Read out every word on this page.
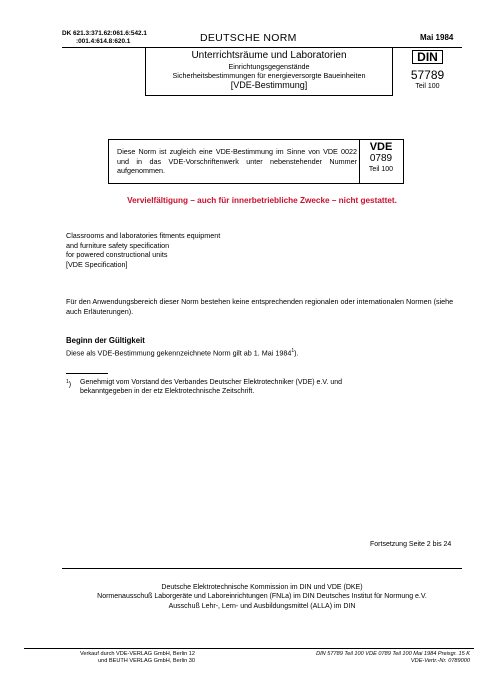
DK 621.3:371.62:061.6:542.1
:001.4:614.8:620.1	DEUTSCHE NORM	Mai 1984
Unterrichtsräume und Laboratorien
Einrichtungsgegenstände
Sicherheitsbestimmungen für energieversorgte Baueinheiten
[VDE-Bestimmung]
DIN
57789
Teil 100
Diese Norm ist zugleich eine VDE-Bestimmung im Sinne von VDE 0022 und in das VDE-Vorschriftenwerk unter nebenstehender Nummer aufgenommen.
VDE
0789
Teil 100
Vervielfältigung – auch für innerbetriebliche Zwecke – nicht gestattet.
Classrooms and laboratories fitments equipment
and furniture safety specification
for powered constructional units
[VDE Specification]
Für den Anwendungsbereich dieser Norm bestehen keine entsprechenden regionalen oder internationalen Normen (siehe auch Erläuterungen).
Beginn der Gültigkeit
Diese als VDE-Bestimmung gekennzeichnete Norm gilt ab 1. Mai 1984$^1$).
$^1$) Genehmigt vom Vorstand des Verbandes Deutscher Elektrotechniker (VDE) e.V. und
bekanntgegeben in der etz Elektrotechnische Zeitschrift.
Fortsetzung Seite 2 bis 24
Deutsche Elektrotechnische Kommission im DIN und VDE (DKE)
Normenausschuß Laborgeräte und Laboreinrichtungen (FNLa) im DIN Deutsches Institut für Normung e.V.
Ausschuß Lehr-, Lern- und Ausbildungsmittel (ALLA) im DIN
Verkauf durch VDE-VERLAG GmbH, Berlin 12
und BEUTH VERLAG GmbH, Berlin 30
DIN 57789 Teil 100 VDE 0789 Teil 100 Mai 1984 Preisgr. 15 K
VDE-Vertr.-Nr. 0789000
